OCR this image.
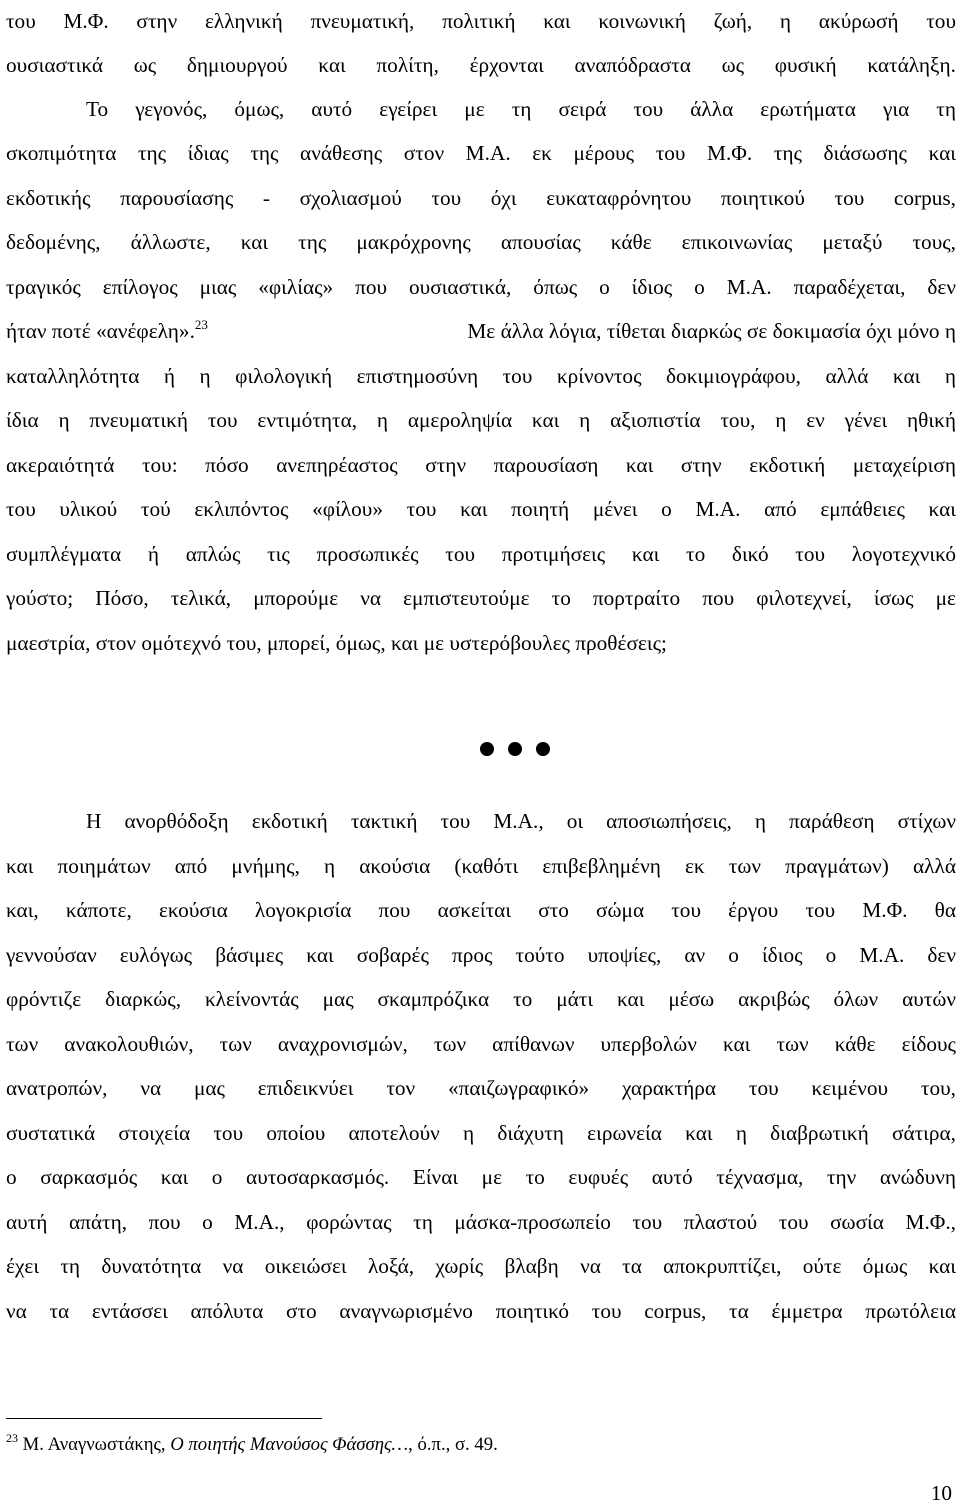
του Μ.Φ. στην ελληνική πνευματική, πολιτική και κοινωνική ζωή, η ακύρωσή του
ουσιαστικά ως δημιουργού και πολίτη, έρχονται αναπόδραστα ως φυσική κατάληξη.
Το γεγονός, όμως, αυτό εγείρει με τη σειρά του άλλα ερωτήματα για τη
σκοπιμότητα της ίδιας της ανάθεσης στον Μ.Α. εκ μέρους του Μ.Φ. της διάσωσης και
εκδοτικής παρουσίασης - σχολιασμού του όχι ευκαταφρόνητου ποιητικού του corpus,
δεδομένης, άλλωστε, και της μακρόχρονης απουσίας κάθε επικοινωνίας μεταξύ τους,
τραγικός επίλογος μιας «φιλίας» που ουσιαστικά, όπως ο ίδιος ο Μ.Α. παραδέχεται, δεν
ήταν ποτέ «ανέφελη».$^{23}$	Με άλλα λόγια, τίθεται διαρκώς σε δοκιμασία όχι μόνο η
καταλληλότητα ή η φιλολογική επιστημοσύνη του κρίνοντος δοκιμιογράφου, αλλά και η
ίδια η πνευματική του εντιμότητα, η αμεροληψία και η αξιοπιστία του, η εν γένει ηθική
ακεραιότητά του: πόσο ανεπηρέαστος στην παρουσίαση και στην εκδοτική μεταχείριση
του υλικού τού εκλιπόντος «φίλου» του και ποιητή μένει ο Μ.Α. από εμπάθειες και
συμπλέγματα ή απλώς τις προσωπικές του προτιμήσεις και το δικό του λογοτεχνικό
γούστο; Πόσο, τελικά, μπορούμε να εμπιστευτούμε το πορτραίτο που φιλοτεχνεί, ίσως με
μαεστρία, στον ομότεχνό του, μπορεί, όμως, και με υστερόβουλες προθέσεις;
Η ανορθόδοξη εκδοτική τακτική του Μ.Α., οι αποσιωπήσεις, η παράθεση στίχων
και ποιημάτων από μνήμης, η ακούσια (καθότι επιβεβλημένη εκ των πραγμάτων) αλλά
και, κάποτε, εκούσια λογοκρισία που ασκείται στο σώμα του έργου του Μ.Φ. θα
γεννούσαν ευλόγως βάσιμες και σοβαρές προς τούτο υποψίες, αν ο ίδιος ο Μ.Α. δεν
φρόντιζε διαρκώς, κλείνοντάς μας σκαμπρόζικα το μάτι και μέσω ακριβώς όλων αυτών
των ανακολουθιών, των αναχρονισμών, των απίθανων υπερβολών και των κάθε είδους
ανατροπών, να μας επιδεικνύει τον «παιζωγραφικό» χαρακτήρα του κειμένου του,
συστατικά στοιχεία του οποίου αποτελούν η διάχυτη ειρωνεία και η διαβρωτική σάτιρα,
ο σαρκασμός και ο αυτοσαρκασμός. Είναι με το ευφυές αυτό τέχνασμα, την ανώδυνη
αυτή απάτη, που ο Μ.Α., φορώντας τη μάσκα-προσωπείο του πλαστού του σωσία Μ.Φ.,
έχει τη δυνατότητα να οικειώσει λοξά, χωρίς βλαβη να τα αποκρυπτίζει, ούτε όμως και
να τα εντάσσει απόλυτα στο αναγνωρισμένο ποιητικό του corpus, τα έμμετρα πρωτόλεια
$^{23}$ Μ. Αναγνωστάκης, Ο ποιητής Μανούσος Φάσσης…, ό.π., σ. 49.
10
